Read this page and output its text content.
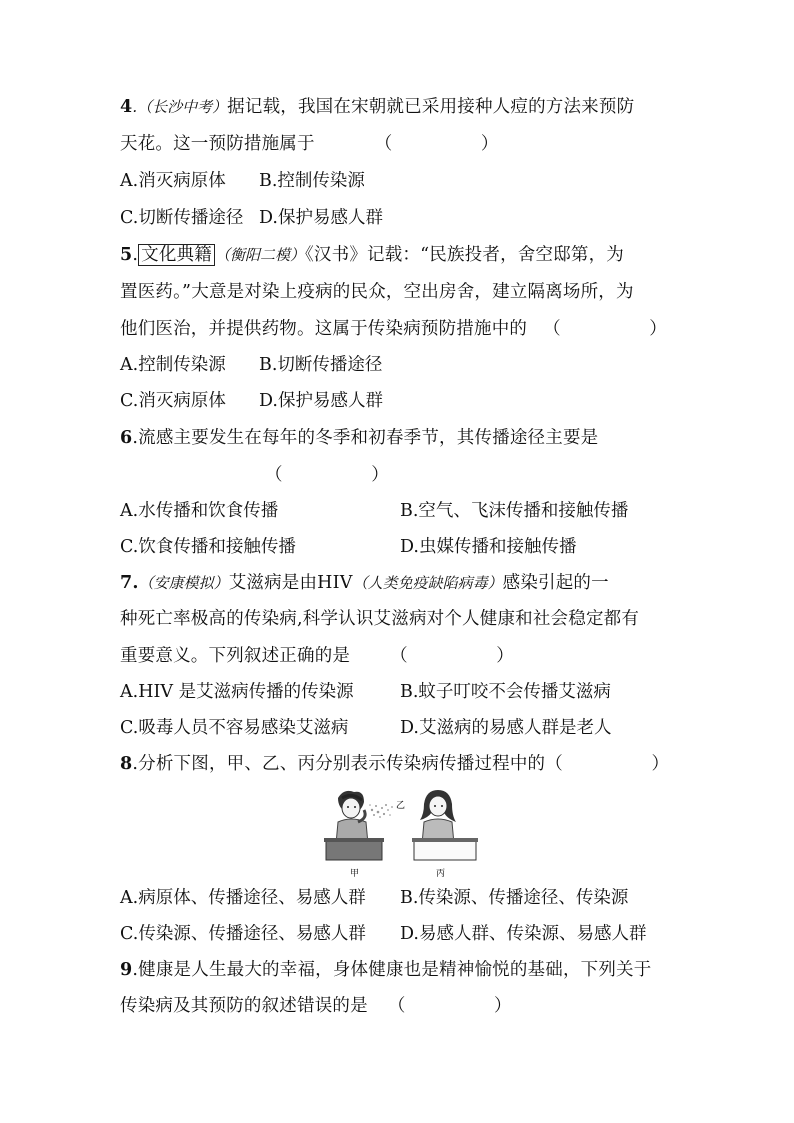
4.（长沙中考）据记载，我国在宋朝就已采用接种人痘的方法来预防
天花。这一预防措施属于	（　　　　　）
A.消灭病原体 B.控制传染源
C.切断传播途径 D.保护易感人群
5. 文化典籍 （衡阳二模）《汉书》记载：“民族投者，舍空邸第，为
置医药。”大意是对染上疫病的民众，空出房舍，建立隔离场所，为
他们医治，并提供药物。这属于传染病预防措施中的 （　　　　　）
A.控制传染源 B.切断传播途径
C.消灭病原体 D.保护易感人群
6.流感主要发生在每年的冬季和初春季节，其传播途径主要是
（　　　　　）
A.水传播和饮食传播	B.空气、飞沫传播和接触传播
C.饮食传播和接触传播	D.虫媒传播和接触传播
7.（安康模拟）艾滋病是由HIV（人类免疫缺陷病毒）感染引起的一
种死亡率极高的传染病,科学认识艾滋病对个人健康和社会稳定都有
重要意义。下列叙述正确的是 （　　　　　）
A.HIV 是艾滋病传播的传染源	B.蚊子叮咬不会传播艾滋病
C.吸毒人员不容易感染艾滋病	D.艾滋病的易感人群是老人
8.分析下图，甲、乙、丙分别表示传染病传播过程中的（　　　　　）
乙
甲	丙
A.病原体、传播途径、易感人群 B.传染源、传播途径、传染源
C.传染源、传播途径、易感人群 D.易感人群、传染源、易感人群
9.健康是人生最大的幸福，身体健康也是精神愉悦的基础，下列关于
传染病及其预防的叙述错误的是 （　　　　　）
